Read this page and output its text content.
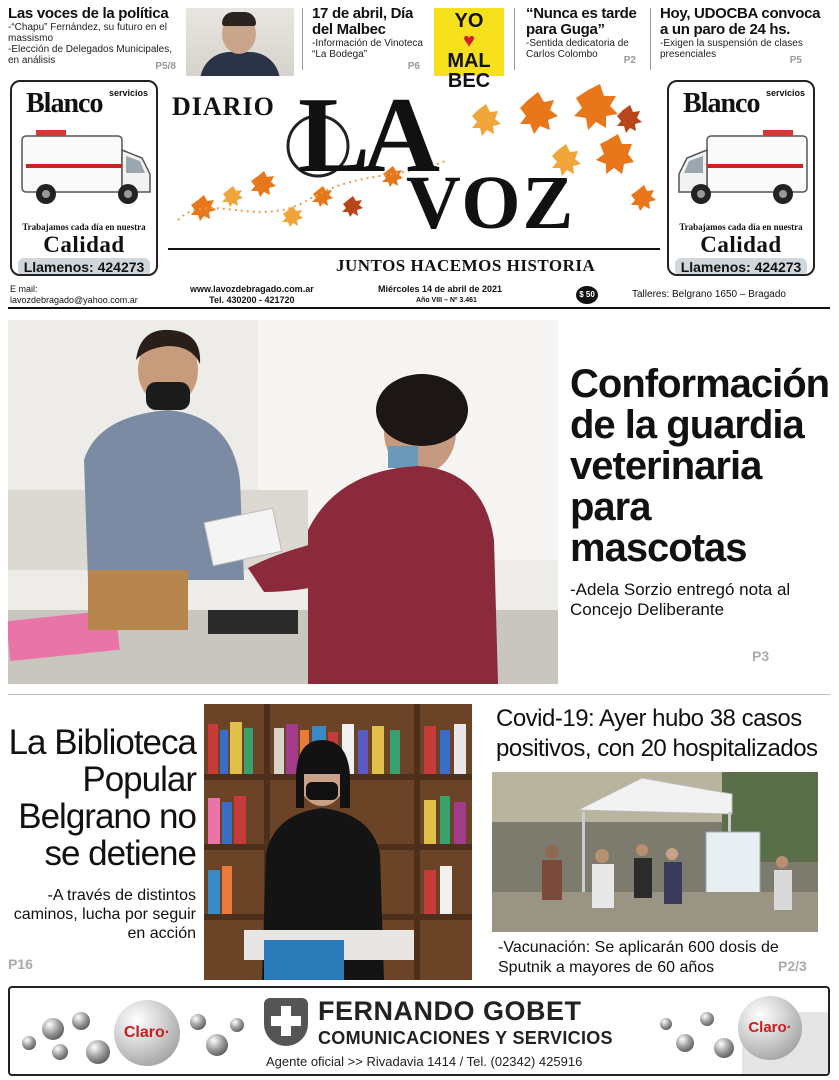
Las voces de la política

-“Chapu” Fernández, su futuro en el massismo

-Elección de Delegados Municipales, en análisis

P5/8
17 de abril, Día del Malbec

-Información de Vinoteca “La Bodega”

P6
YO
♥
MAL
BEC
“Nunca es tarde para Guga”

-Sentida dedicatoria de Carlos Colombo

P2
Hoy, UDOCBA convoca a un paro de 24 hs.

-Exigen la suspensión de clases presenciales

P5
servicios
Blanco
Trabajamos cada día en nuestra
Calidad
Llamenos: 424273
DIARIO LA
VOZ
JUNTOS HACEMOS HISTORIA
servicios
Blanco
Trabajamos cada día en nuestra
Calidad
Llamenos: 424273
E mail:
lavozdebragado@yahoo.com.ar
www.lavozdebragado.com.ar
Tel. 430200 - 421720
Miércoles 14 de abril de 2021
Año VIII – Nº 3.461
$ 50	Talleres: Belgrano 1650 – Bragado
Conformación de la guardia veterinaria para mascotas
-Adela Sorzio entregó nota al Concejo Deliberante
P3
La Biblioteca Popular Belgrano no se detiene
-A través de distintos caminos, lucha por seguir en acción
P16
Covid-19: Ayer hubo 38 casos positivos, con 20 hospitalizados
-Vacunación: Se aplicarán 600 dosis de Sputnik a mayores de 60 años	P2/3
Claro·
FERNANDO GOBET
COMUNICACIONES Y SERVICIOS
Agente oficial >> Rivadavia 1414 / Tel. (02342) 425916
Claro·
